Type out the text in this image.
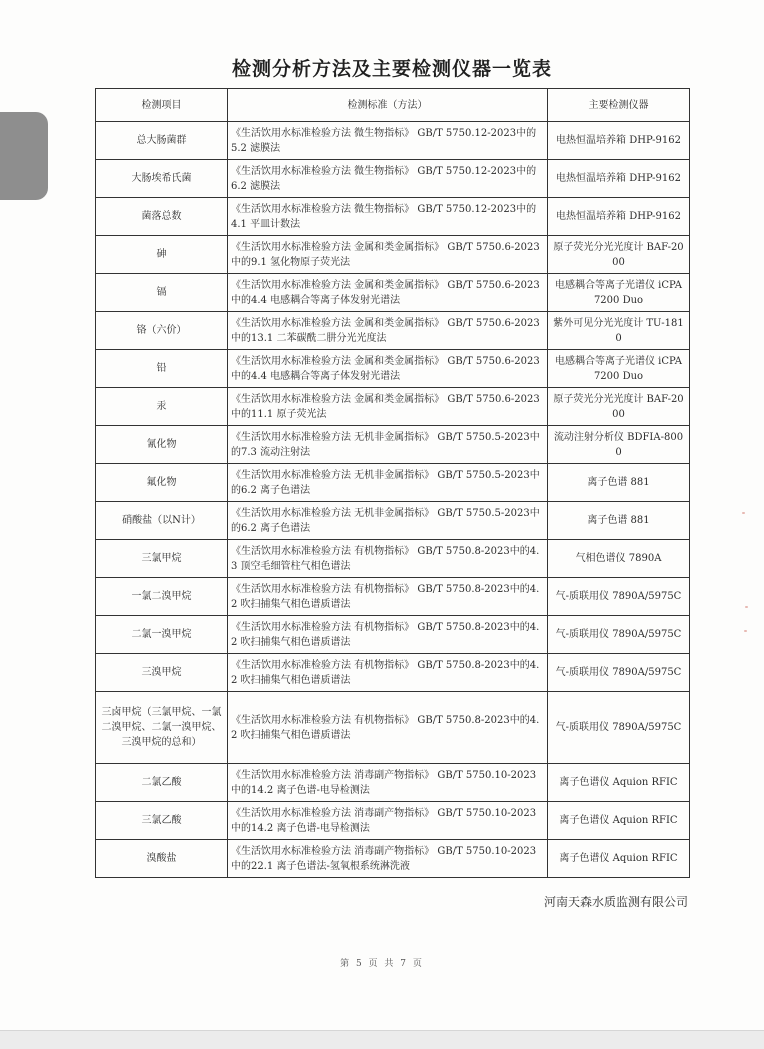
检测分析方法及主要检测仪器一览表
检测项目	检测标准（方法）	主要检测仪器
总大肠菌群	《生活饮用水标准检验方法 微生物指标》 GB/T 5750.12-2023中的5.2 滤膜法	电热恒温培养箱 DHP-9162
大肠埃希氏菌	《生活饮用水标准检验方法 微生物指标》 GB/T 5750.12-2023中的6.2 滤膜法	电热恒温培养箱 DHP-9162
菌落总数	《生活饮用水标准检验方法 微生物指标》 GB/T 5750.12-2023中的4.1 平皿计数法	电热恒温培养箱 DHP-9162
砷	《生活饮用水标准检验方法 金属和类金属指标》 GB/T 5750.6-2023中的9.1 氢化物原子荧光法	原子荧光分光光度计 BAF-2000
镉	《生活饮用水标准检验方法 金属和类金属指标》 GB/T 5750.6-2023中的4.4 电感耦合等离子体发射光谱法	电感耦合等离子光谱仪 iCPA 7200 Duo
铬（六价）	《生活饮用水标准检验方法 金属和类金属指标》 GB/T 5750.6-2023中的13.1 二苯碳酰二肼分光光度法	紫外可见分光光度计 TU-1810
铅	《生活饮用水标准检验方法 金属和类金属指标》 GB/T 5750.6-2023中的4.4 电感耦合等离子体发射光谱法	电感耦合等离子光谱仪 iCPA 7200 Duo
汞	《生活饮用水标准检验方法 金属和类金属指标》 GB/T 5750.6-2023中的11.1 原子荧光法	原子荧光分光光度计 BAF-2000
氰化物	《生活饮用水标准检验方法 无机非金属指标》 GB/T 5750.5-2023中的7.3 流动注射法	流动注射分析仪 BDFIA-8000
氟化物	《生活饮用水标准检验方法 无机非金属指标》 GB/T 5750.5-2023中的6.2 离子色谱法	离子色谱 881
硝酸盐（以N计）	《生活饮用水标准检验方法 无机非金属指标》 GB/T 5750.5-2023中的6.2 离子色谱法	离子色谱 881
三氯甲烷	《生活饮用水标准检验方法 有机物指标》 GB/T 5750.8-2023中的4.3 顶空毛细管柱气相色谱法	气相色谱仪 7890A
一氯二溴甲烷	《生活饮用水标准检验方法 有机物指标》 GB/T 5750.8-2023中的4.2 吹扫捕集气相色谱质谱法	气-质联用仪 7890A/5975C
二氯一溴甲烷	《生活饮用水标准检验方法 有机物指标》 GB/T 5750.8-2023中的4.2 吹扫捕集气相色谱质谱法	气-质联用仪 7890A/5975C
三溴甲烷	《生活饮用水标准检验方法 有机物指标》 GB/T 5750.8-2023中的4.2 吹扫捕集气相色谱质谱法	气-质联用仪 7890A/5975C
三卤甲烷（三氯甲烷、一氯二溴甲烷、二氯一溴甲烷、三溴甲烷的总和）	《生活饮用水标准检验方法 有机物指标》 GB/T 5750.8-2023中的4.2 吹扫捕集气相色谱质谱法	气-质联用仪 7890A/5975C
二氯乙酸	《生活饮用水标准检验方法 消毒副产物指标》 GB/T 5750.10-2023中的14.2 离子色谱-电导检测法	离子色谱仪 Aquion RFIC
三氯乙酸	《生活饮用水标准检验方法 消毒副产物指标》 GB/T 5750.10-2023中的14.2 离子色谱-电导检测法	离子色谱仪 Aquion RFIC
溴酸盐	《生活饮用水标准检验方法 消毒副产物指标》 GB/T 5750.10-2023中的22.1 离子色谱法-氢氧根系统淋洗液	离子色谱仪 Aquion RFIC
河南天森水质监测有限公司
第 5 页 共 7 页
